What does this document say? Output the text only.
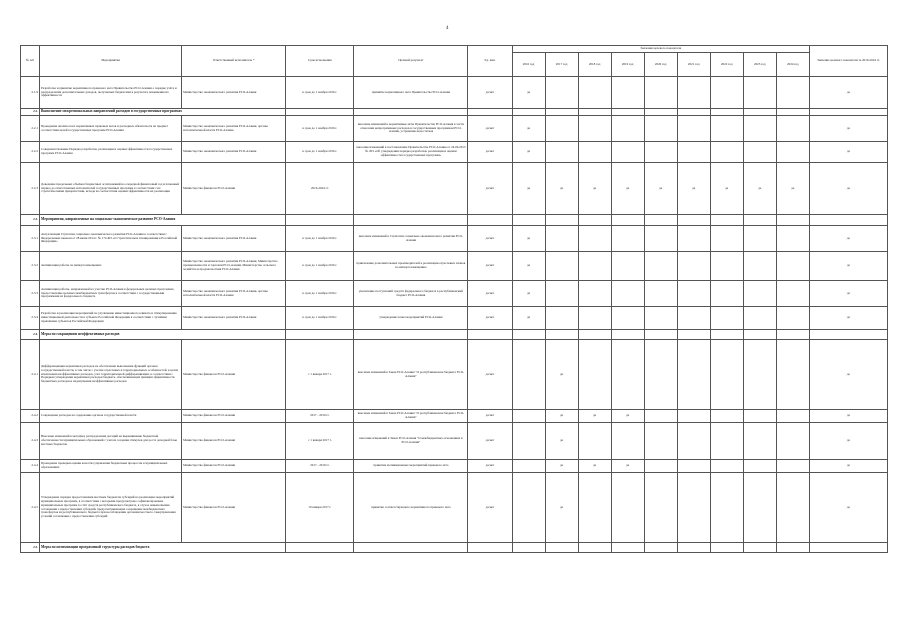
4
№ п/п	Мероприятия	Ответственный исполнитель *	Срок исполнения	Целевой результат	Ед. изм.	Значения целевого показателя									Значение целевого показателя за 2016-2024 гг.
						2016 год	2017 год	2018 год	2019 год	2020 год	2021 год	2022 год	2023 год	2024 год	
2.1.9	Разработка и принятие нормативного правового акта Правительства РСО-Алания о порядке учёта и распределения дополнительных доходов, полученных бюджетами в результате повышения их эффективности	Министерство экономического развития РСО-Алания	в срок до 1 ноября 2016 г.	принятие нормативного акта Правительства РСО-Алания	да/нет	да									да
2.2.	Выполнение межрегиональных направлений расходов в государственных программах														
2.2.1	Проведение анализа всех нормативных правовых актов и расходных обязательств на предмет соответствия целей государственных программ РСО-Алания	Министерство экономического развития РСО-Алания, органы исполнительной власти РСО-Алания	в срок до 1 ноября 2016 г.	внесение изменений в нормативные акты Правительства РСО-Алания в части отнесения непрограммных расходов к государственным программам РСО-Алания, устранение недостатков	да/нет	да									да
2.2.2	Совершенствование Порядка разработки, реализации и оценки эффективности государственных программ РСО-Алания	Министерство экономического развития РСО-Алания	в срок до 1 ноября 2016 г.	внесение изменений в постановление Правительства РСО-Алания от 24.06.2013 № 203 «Об утверждении порядка разработки, реализации и оценки эффективности государственных программ»	да/нет	да									да
2.2.3	Доведение предельных объёмов бюджетных ассигнований на очередной финансовый год и плановый период до ответственных исполнителей государственных программ в соответствии с их стратегическими приоритетами, исходя из соответствия оценки эффективности их реализации	Министерство финансов РСО-Алания	2016-2024 гг.		да/нет	да	да	да	да	да	да	да	да	да	да
2.3.	Мероприятия, направленные на социально-экономическое развитие РСО-Алания														
2.3.1	Актуализация Стратегии социально-экономического развития РСО-Алания в соответствии с Федеральным законом от 28 июня 2014 г. № 172-ФЗ «О стратегическом планировании в Российской Федерации»	Министерство экономического развития РСО-Алания	в срок до 1 ноября 2016 г.	внесение изменений в Стратегию социально-экономического развития РСО-Алания	да/нет	да									да
2.3.2	Активизация работы по импортозамещению	Министерство экономического развития РСО-Алания, Министерство промышленности и торговли РСО-Алания, Министерство сельского хозяйства и продовольствия РСО-Алания	в срок до 1 ноября 2016 г.	привлечение дополнительных производителей к реализации отраслевых планов по импортозамещению	да/нет	да									да
2.3.3	Активизация работы, направленной на участие РСО-Алания в федеральных целевых программах, предоставление целевых межбюджетных трансфертов в соответствии с государственными программами из федерального бюджета	Министерство экономического развития РСО-Алания, органы исполнительной власти РСО-Алания	в срок до 1 ноября 2016 г.	увеличение поступлений средств федерального бюджета в республиканский бюджет РСО-Алания	да/нет	да									да
2.3.4	Разработка и реализация мероприятий по улучшению инвестиционного климата и стимулированию инвестиционной деятельности в субъекте Российской Федерации в соответствии с лучшими практиками субъектов Российской Федерации	Министерство экономического развития РСО-Алания	в срок до 1 ноября 2016 г.	утверждение плана мероприятий РСО-Алания	да/нет	да									да
2.4.	Меры по сокращению неэффективных расходов														
2.4.1	Дифференциация нормативов расходов на обеспечение выполнения функций органов государственной власти, в том числе с учетом отраслевых и территориальных особенностей, в целях исключения неэффективных расходов, учет территориальной дифференциации, в соответствии с Порядком утверждения нормативов расходов бюджета, обеспечивающих принцип эффективности бюджетных расходов и недопущения неэффективных расходов	Министерство финансов РСО-Алания	с 1 января 2017 г.	внесение изменений в Закон РСО-Алания "О республиканском бюджете РСО-Алания"	да/нет		да								да
2.4.2	Сокращение расходов на содержание органов государственной власти	Министерство финансов РСО-Алания	2017 - 2019 гг.	внесение изменений в Закон РСО-Алания "О республиканском бюджете РСО-Алания"	да/нет		да	да	да						да
2.4.3	Внесение изменений в методику распределения дотаций на выравнивание бюджетной обеспеченности муниципальных образований с учетом создания стимулов для роста доходной базы местных бюджетов	Министерство финансов РСО-Алания	с 1 января 2017 г.	внесение изменений в Закон РСО-Алания "О межбюджетных отношениях в РСО-Алания"	да/нет		да								да
2.4.4	Проведение проверки оценки качества управления бюджетным процессом в муниципальных образованиях	Министерство финансов РСО-Алания	2017 - 2019 гг.	принятие мотивационных мероприятий правового акта	да/нет		да	да	да						да
2.4.5	Утверждение порядка предоставления местным бюджетам субсидий на реализацию мероприятий муниципальных программ, в соответствии с которыми предусмотрено софинансирование муниципальных программ за счёт средств республиканского бюджета, в случае невыполнения соглашения о предоставлении субсидий, предусматривающих сокращение межбюджетных трансфертов из республиканского бюджета при несоблюдении органами местного самоуправления условий соглашения о предоставлении субсидий	Министерство финансов РСО-Алания	10 января 2017 г.	принятие соответствующего нормативного правового акта	да/нет		да								да
2.5.	Меры по оптимизации программной структуры расходов бюджета														
